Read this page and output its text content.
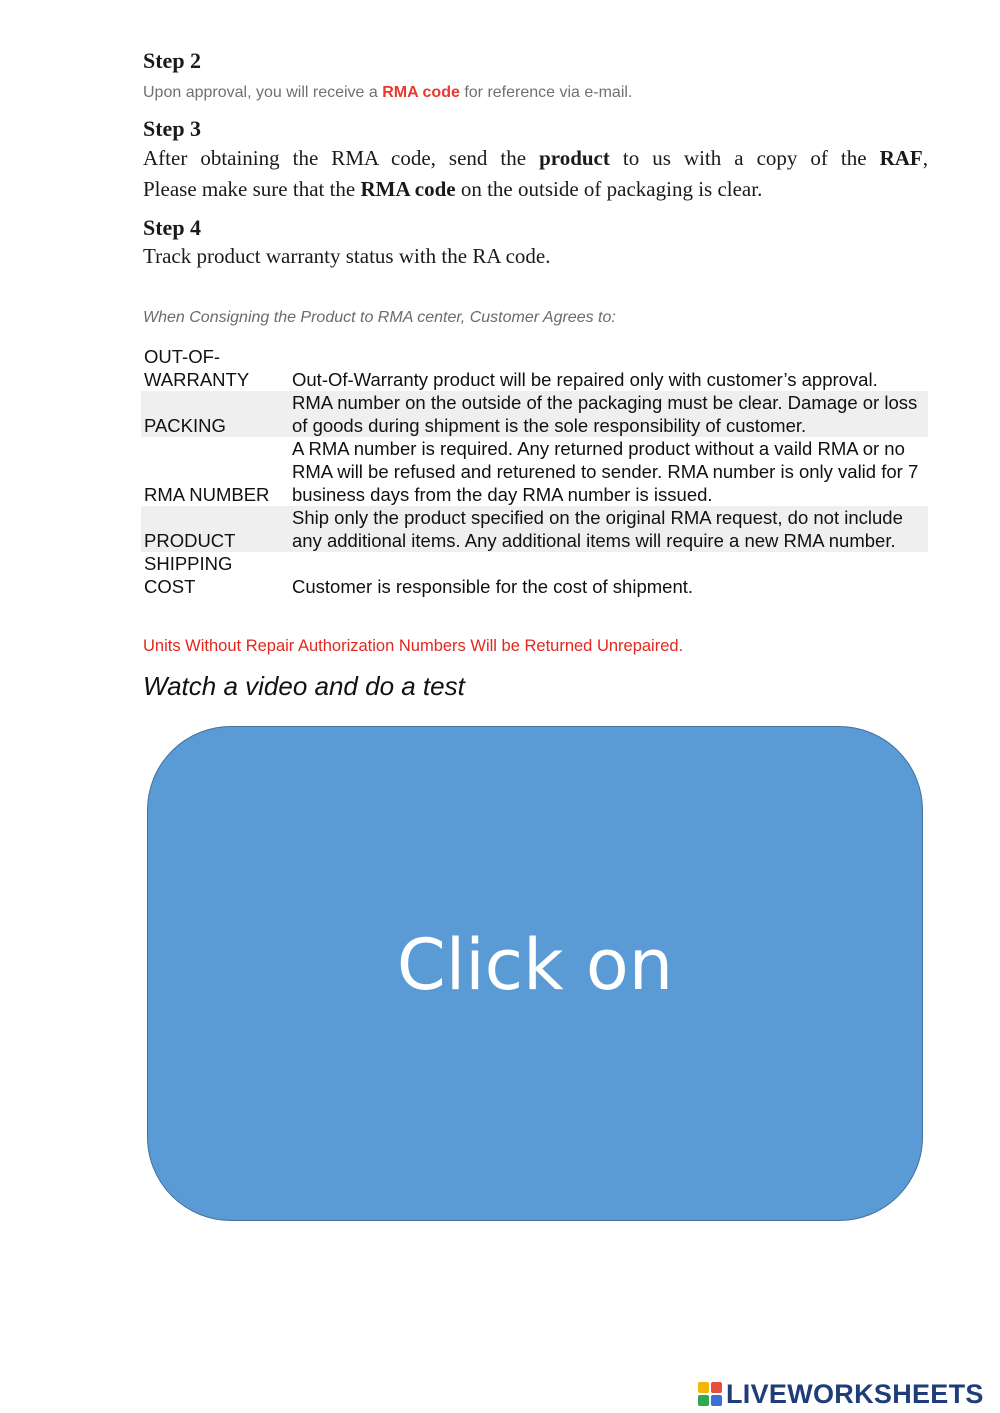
Step 2
Upon approval, you will receive a RMA code for reference via e-mail.
Step 3
After obtaining the RMA code, send the product to us with a copy of the RAF,
Please make sure that the RMA code on the outside of packaging is clear.
Step 4
Track product warranty status with the RA code.
When Consigning the Product to RMA center, Customer Agrees to:
OUT-OF-
WARRANTY	Out-Of-Warranty product will be repaired only with customer’s approval.
PACKING	RMA number on the outside of the packaging must be clear. Damage or loss of goods during shipment is the sole responsibility of customer.
RMA NUMBER	A RMA number is required. Any returned product without a vaild RMA or no RMA will be refused and returened to sender. RMA number is only valid for 7 business days from the day RMA number is issued.
PRODUCT	Ship only the product specified on the original RMA request, do not include any additional items. Any additional items will require a new RMA number.
SHIPPING
COST	Customer is responsible for the cost of shipment.
Units Without Repair Authorization Numbers Will be Returned Unrepaired.
Watch a video and do a test
Click on
LIVEWORKSHEETS
